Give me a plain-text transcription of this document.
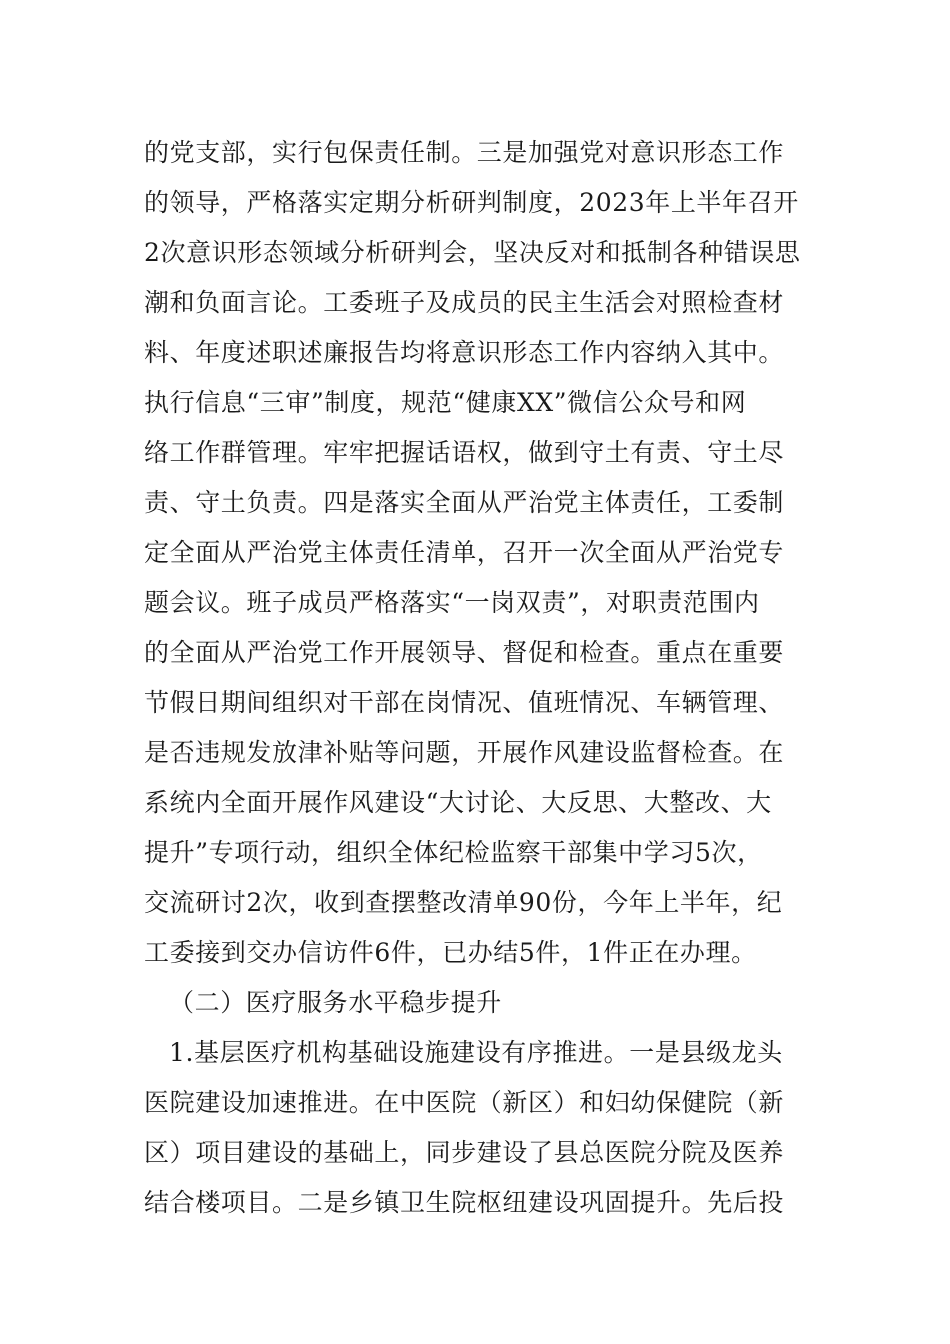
的党支部，实行包保责任制。三是加强党对意识形态工作
的领导，严格落实定期分析研判制度，2023年上半年召开
2次意识形态领域分析研判会，坚决反对和抵制各种错误思
潮和负面言论。工委班子及成员的民主生活会对照检查材
料、年度述职述廉报告均将意识形态工作内容纳入其中。
执行信息“三审”制度，规范“健康XX”微信公众号和网
络工作群管理。牢牢把握话语权，做到守土有责、守土尽
责、守土负责。四是落实全面从严治党主体责任，工委制
定全面从严治党主体责任清单，召开一次全面从严治党专
题会议。班子成员严格落实“一岗双责”，对职责范围内
的全面从严治党工作开展领导、督促和检查。重点在重要
节假日期间组织对干部在岗情况、值班情况、车辆管理、
是否违规发放津补贴等问题，开展作风建设监督检查。在
系统内全面开展作风建设“大讨论、大反思、大整改、大
提升”专项行动，组织全体纪检监察干部集中学习5次，
交流研讨2次，收到查摆整改清单90份，今年上半年，纪
工委接到交办信访件6件，已办结5件，1件正在办理。
（二）医疗服务水平稳步提升
1.基层医疗机构基础设施建设有序推进。一是县级龙头
医院建设加速推进。在中医院（新区）和妇幼保健院（新
区）项目建设的基础上，同步建设了县总医院分院及医养
结合楼项目。二是乡镇卫生院枢纽建设巩固提升。先后投
